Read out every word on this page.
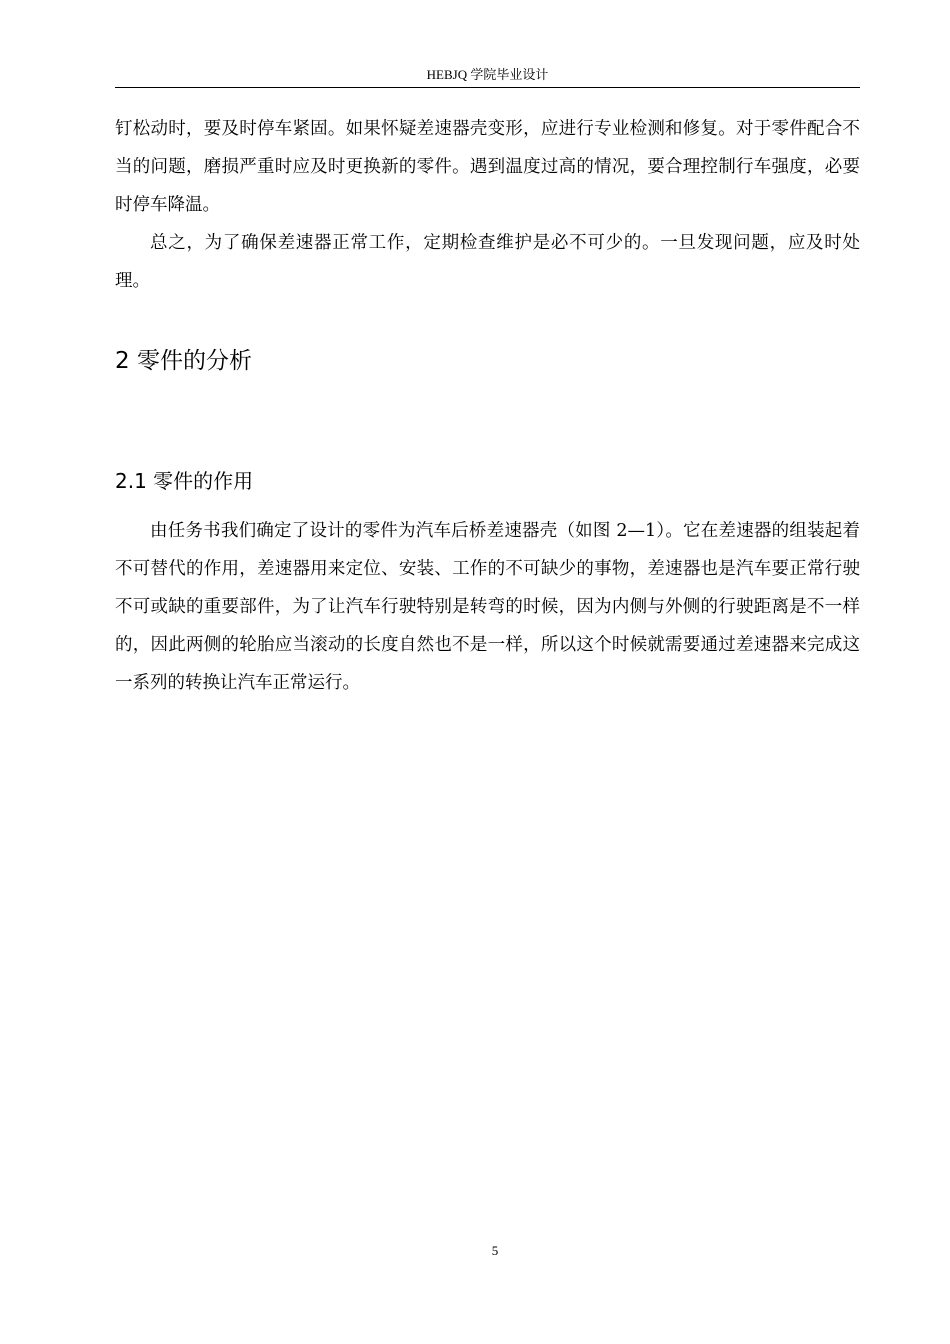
HEBJQ 学院毕业设计

钉松动时，要及时停车紧固。如果怀疑差速器壳变形，应进行专业检测和修复。对于零件配合不当的问题，磨损严重时应及时更换新的零件。遇到温度过高的情况，要合理控制行车强度，必要时停车降温。

总之，为了确保差速器正常工作，定期检查维护是必不可少的。一旦发现问题，应及时处理。

2 零件的分析
2.1 零件的作用

由任务书我们确定了设计的零件为汽车后桥差速器壳（如图 2—1）。它在差速器的组装起着不可替代的作用，差速器用来定位、安装、工作的不可缺少的事物，差速器也是汽车要正常行驶不可或缺的重要部件，为了让汽车行驶特别是转弯的时候，因为内侧与外侧的行驶距离是不一样的，因此两侧的轮胎应当滚动的长度自然也不是一样，所以这个时候就需要通过差速器来完成这一系列的转换让汽车正常运行。

5
